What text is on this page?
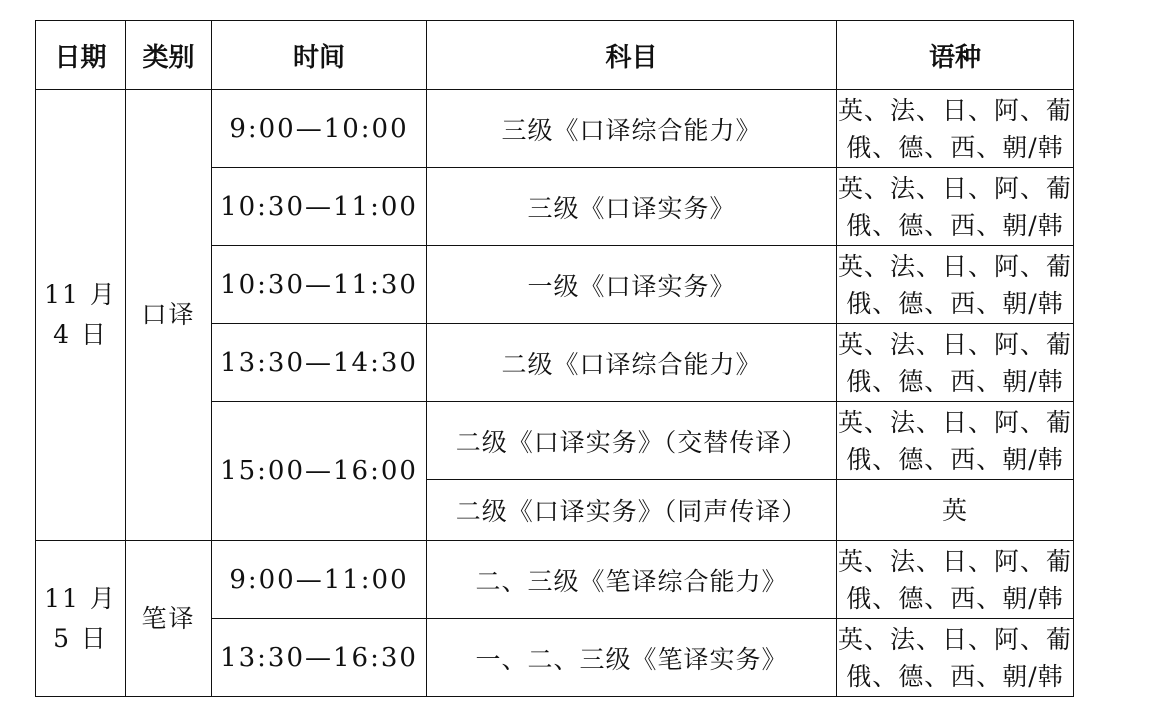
日期	类别	时间	科目	语种

11 月
4 日	口译	9:00—10:00	三级《口译综合能力》	英、法、日、阿、葡
俄、德、西、朝/韩

		10:30—11:00	三级《口译实务》	英、法、日、阿、葡
俄、德、西、朝/韩

		10:30—11:30	一级《口译实务》	英、法、日、阿、葡
俄、德、西、朝/韩

		13:30—14:30	二级《口译综合能力》	英、法、日、阿、葡
俄、德、西、朝/韩

		15:00—16:00	二级《口译实务》（交替传译）	英、法、日、阿、葡
俄、德、西、朝/韩

			二级《口译实务》（同声传译）	英

11 月
5 日	笔译	9:00—11:00	二、三级《笔译综合能力》	英、法、日、阿、葡
俄、德、西、朝/韩

		13:30—16:30	一、二、三级《笔译实务》	英、法、日、阿、葡
俄、德、西、朝/韩
